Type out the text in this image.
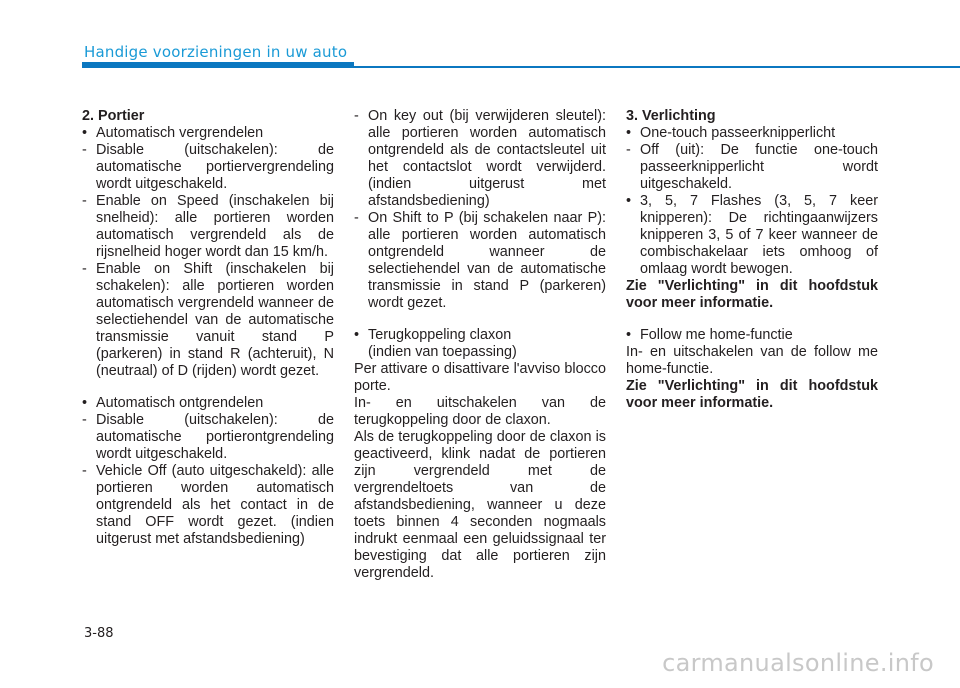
Handige voorzieningen in uw auto

2. Portier

• Automatisch vergrendelen

- Disable (uitschakelen): de automatische portiervergrendeling wordt uitgeschakeld.

- Enable on Speed (inschakelen bij snelheid): alle portieren worden automatisch vergrendeld als de rijsnelheid hoger wordt dan 15 km/h.

- Enable on Shift (inschakelen bij schakelen): alle portieren worden automatisch vergrendeld wanneer de selectiehendel van de automatische transmissie vanuit stand P (parkeren) in stand R (achteruit), N (neutraal) of D (rijden) wordt gezet.

• Automatisch ontgrendelen

- Disable (uitschakelen): de automatische portierontgrendeling wordt uitgeschakeld.

- Vehicle Off (auto uitgeschakeld): alle portieren worden automatisch ontgrendeld als het contact in de stand OFF wordt gezet. (indien uitgerust met afstandsbediening)

- On key out (bij verwijderen sleutel): alle portieren worden automatisch ontgrendeld als de contactsleutel uit het contactslot wordt verwijderd. (indien uitgerust met afstandsbediening)

- On Shift to P (bij schakelen naar P): alle portieren worden automatisch ontgrendeld wanneer de selectiehendel van de automatische transmissie in stand P (parkeren) wordt gezet.

• Terugkoppeling claxon

(indien van toepassing)

Per attivare o disattivare l'avviso blocco porte.

In- en uitschakelen van de terugkoppeling door de claxon.

Als de terugkoppeling door de claxon is geactiveerd, klink nadat de portieren zijn vergrendeld met de vergrendeltoets van de afstandsbediening, wanneer u deze toets binnen 4 seconden nogmaals indrukt eenmaal een geluidssignaal ter bevestiging dat alle portieren zijn vergrendeld.

3. Verlichting

• One-touch passeerknipperlicht

- Off (uit): De functie one-touch passeerknipperlicht wordt uitgeschakeld.

• 3, 5, 7 Flashes (3, 5, 7 keer knipperen): De richtingaanwijzers knipperen 3, 5 of 7 keer wanneer de combischakelaar iets omhoog of omlaag wordt bewogen.

Zie "Verlichting" in dit hoofdstuk voor meer informatie.

• Follow me home-functie

In- en uitschakelen van de follow me home-functie.

Zie "Verlichting" in dit hoofdstuk voor meer informatie.

3-88
carmanualsonline.info
